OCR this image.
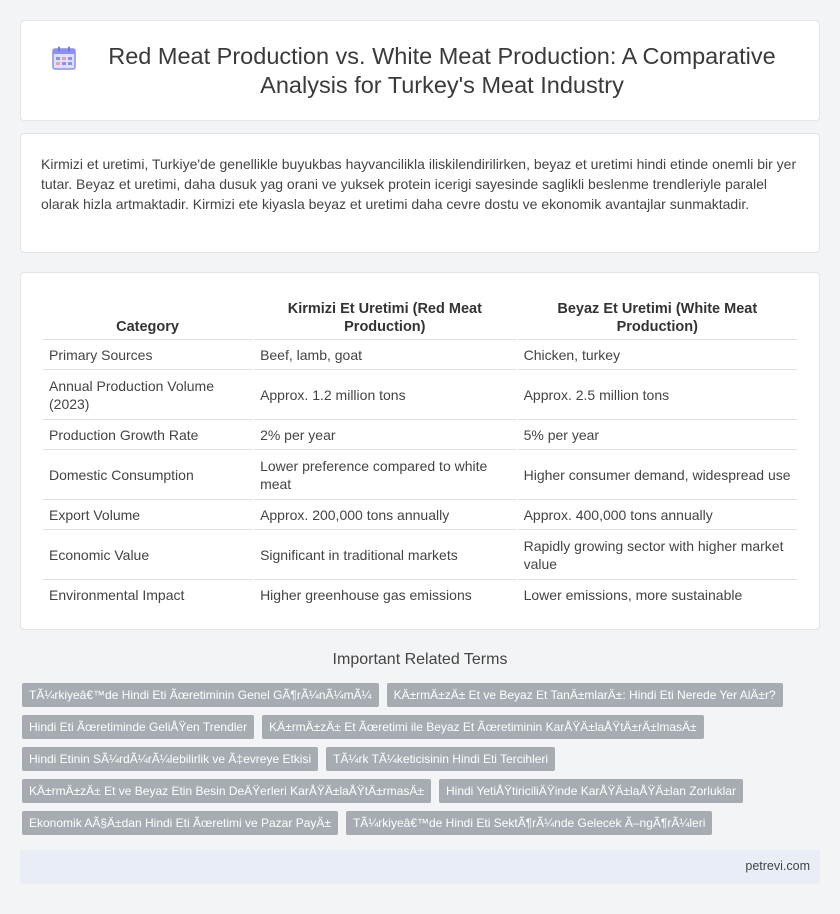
Red Meat Production vs. White Meat Production: A Comparative Analysis for Turkey's Meat Industry

Kirmizi et uretimi, Turkiye'de genellikle buyukbas hayvancilikla iliskilendirilirken, beyaz et uretimi hindi etinde onemli bir yer tutar. Beyaz et uretimi, daha dusuk yag orani ve yuksek protein icerigi sayesinde saglikli beslenme trendleriyle paralel olarak hizla artmaktadir. Kirmizi ete kiyasla beyaz et uretimi daha cevre dostu ve ekonomik avantajlar sunmaktadir.

Category	Kirmizi Et Uretimi (Red Meat Production)	Beyaz Et Uretimi (White Meat Production)
Primary Sources	Beef, lamb, goat	Chicken, turkey
Annual Production Volume (2023)	Approx. 1.2 million tons	Approx. 2.5 million tons
Production Growth Rate	2% per year	5% per year
Domestic Consumption	Lower preference compared to white meat	Higher consumer demand, widespread use
Export Volume	Approx. 200,000 tons annually	Approx. 400,000 tons annually
Economic Value	Significant in traditional markets	Rapidly growing sector with higher market value
Environmental Impact	Higher greenhouse gas emissions	Lower emissions, more sustainable
Important Related Terms
TÃ¼rkiyeâ€™de Hindi Eti Ãœretiminin Genel GÃ¶rÃ¼nÃ¼mÃ¼	KÄ±rmÄ±zÄ± Et ve Beyaz Et TanÄ±mlarÄ±: Hindi Eti Nerede Yer AlÄ±r?
Hindi Eti Ãœretiminde GeliÅŸen Trendler	KÄ±rmÄ±zÄ± Et Ãœretimi ile Beyaz Et Ãœretiminin KarÅŸÄ±laÅŸtÄ±rÄ±lmasÄ±
Hindi Etinin SÃ¼rdÃ¼rÃ¼lebilirlik ve Ã‡evreye Etkisi	TÃ¼rk TÃ¼keticisinin Hindi Eti Tercihleri
KÄ±rmÄ±zÄ± Et ve Beyaz Etin Besin DeÄŸerleri KarÅŸÄ±laÅŸtÄ±rmasÄ±	Hindi YetiÅŸtiriciliÄŸinde KarÅŸÄ±laÅŸÄ±lan Zorluklar
Ekonomik AÃ§Ä±dan Hindi Eti Ãœretimi ve Pazar PayÄ±	TÃ¼rkiyeâ€™de Hindi Eti SektÃ¶rÃ¼nde Gelecek Ã–ngÃ¶rÃ¼leri
petrevi.com
